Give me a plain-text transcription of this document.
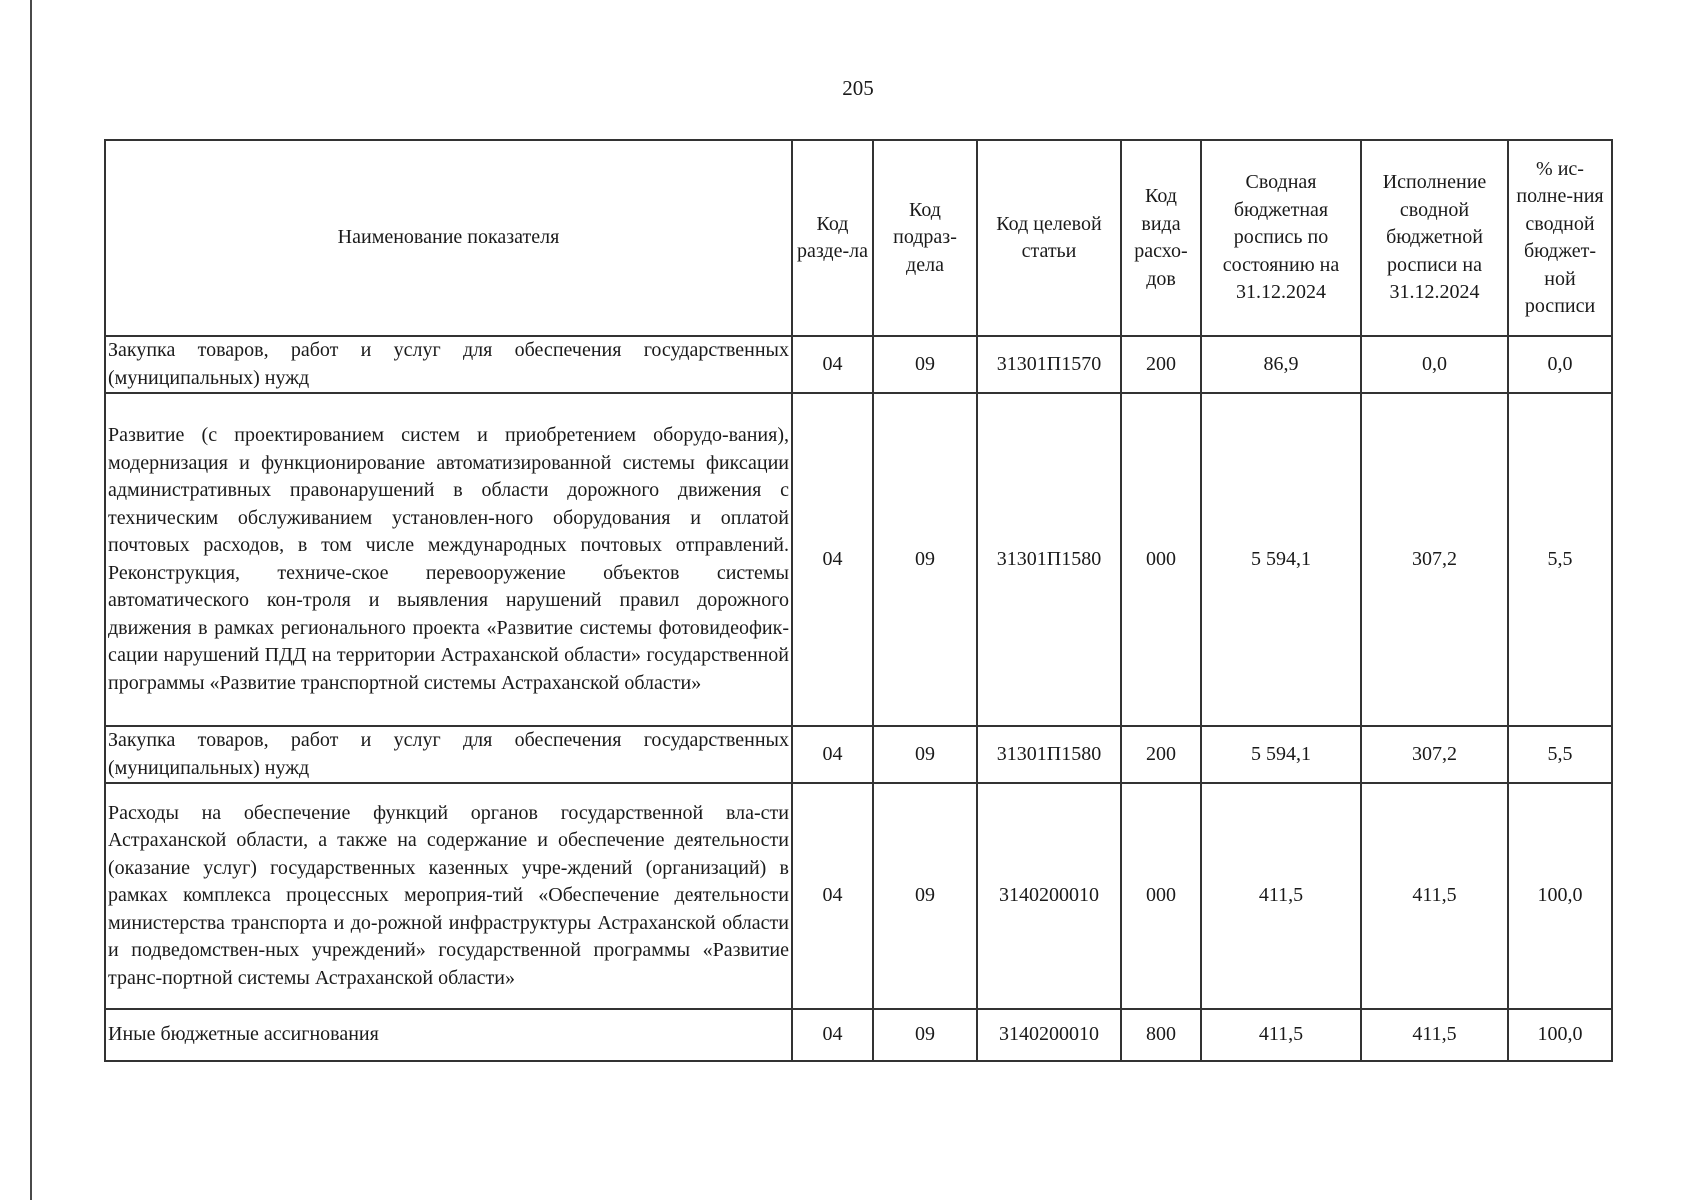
205
Наименование показателя	Код разде-ла	Код подраз-дела	Код целевой статьи	Код вида расхо-дов	Сводная бюджетная роспись по состоянию на 31.12.2024	Исполнение сводной бюджетной росписи на 31.12.2024	% ис-полне-ния сводной бюджет-ной росписи
Закупка товаров, работ и услуг для обеспечения государственных (муниципальных) нужд	04	09	31301П1570	200	86,9	0,0	0,0
Развитие (с проектированием систем и приобретением оборудо-вания), модернизация и функционирование автоматизированной системы фиксации административных правонарушений в области дорожного движения с техническим обслуживанием установлен-ного оборудования и оплатой почтовых расходов, в том числе международных почтовых отправлений. Реконструкция, техниче-ское перевооружение объектов системы автоматического кон-троля и выявления нарушений правил дорожного движения в рамках регионального проекта «Развитие системы фотовидеофик-сации нарушений ПДД на территории Астраханской области» государственной программы «Развитие транспортной системы Астраханской области»	04	09	31301П1580	000	5 594,1	307,2	5,5
Закупка товаров, работ и услуг для обеспечения государственных (муниципальных) нужд	04	09	31301П1580	200	5 594,1	307,2	5,5
Расходы на обеспечение функций органов государственной вла-сти Астраханской области, а также на содержание и обеспечение деятельности (оказание услуг) государственных казенных учре-ждений (организаций) в рамках комплекса процессных мероприя-тий «Обеспечение деятельности министерства транспорта и до-рожной инфраструктуры Астраханской области и подведомствен-ных учреждений» государственной программы «Развитие транс-портной системы Астраханской области»	04	09	3140200010	000	411,5	411,5	100,0
Иные бюджетные ассигнования	04	09	3140200010	800	411,5	411,5	100,0
